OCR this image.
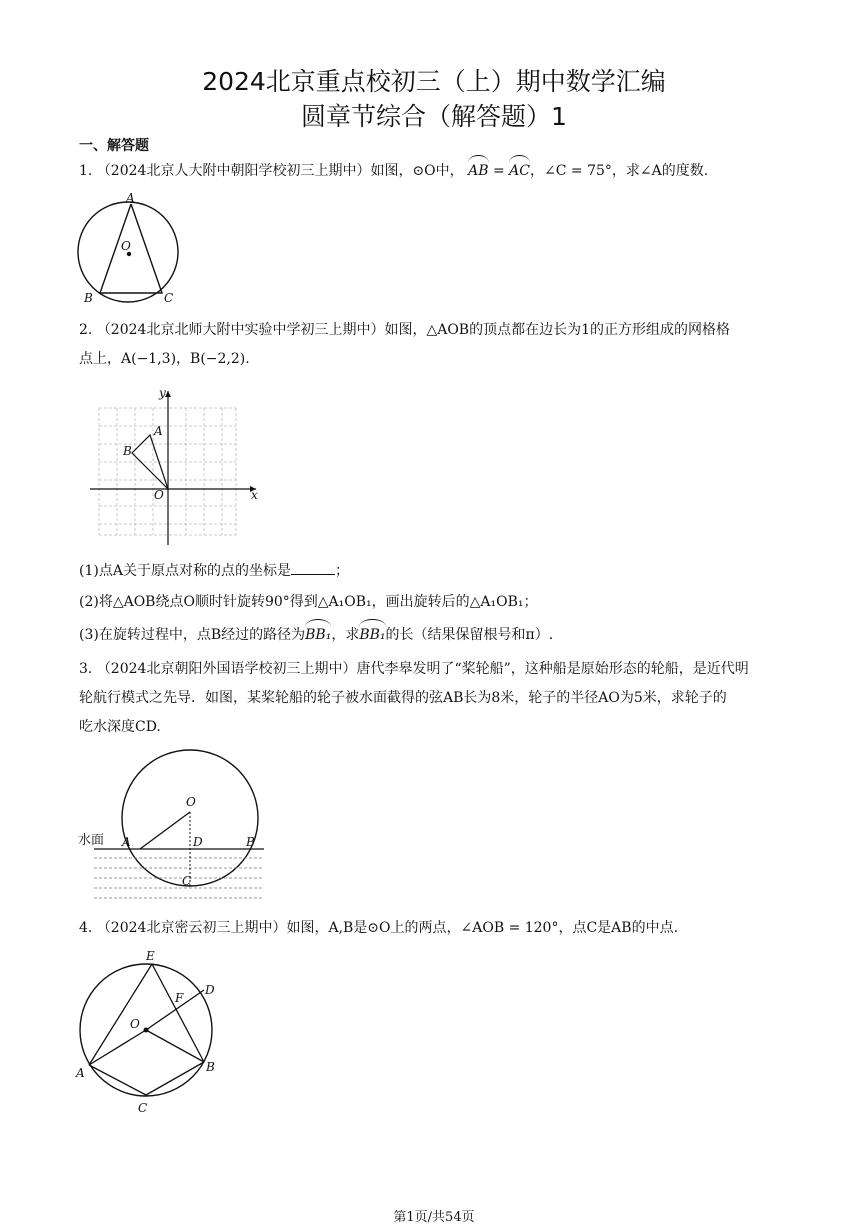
2024北京重点校初三（上）期中数学汇编
圆章节综合（解答题）1
一、解答题
1. （2024北京人大附中朝阳学校初三上期中）如图，⊙O中， AB = AC，∠C = 75°，求∠A的度数.
A
O
B	C
2. （2024北京北师大附中实验中学初三上期中）如图，△AOB的顶点都在边长为1的正方形组成的网格格
点上，A(−1,3)，B(−2,2).
y
x
A
B
O
(1)点A关于原点对称的点的坐标是	；
(2)将△AOB绕点O顺时针旋转90°得到△A₁OB₁，画出旋转后的△A₁OB₁；
(3)在旋转过程中，点B经过的路径为BB₁，求BB₁的长（结果保留根号和π）.
3. （2024北京朝阳外国语学校初三上期中）唐代李皋发明了“桨轮船”，这种船是原始形态的轮船，是近代明
轮航行模式之先导．如图，某桨轮船的轮子被水面截得的弦AB长为8米，轮子的半径AO为5米，求轮子的
吃水深度CD.
水面
O
A	D	B
C
4. （2024北京密云初三上期中）如图，A,B是⊙O上的两点，∠AOB = 120°，点C是AB的中点.
E
F
D
O
A	B
C
第1页/共54页
